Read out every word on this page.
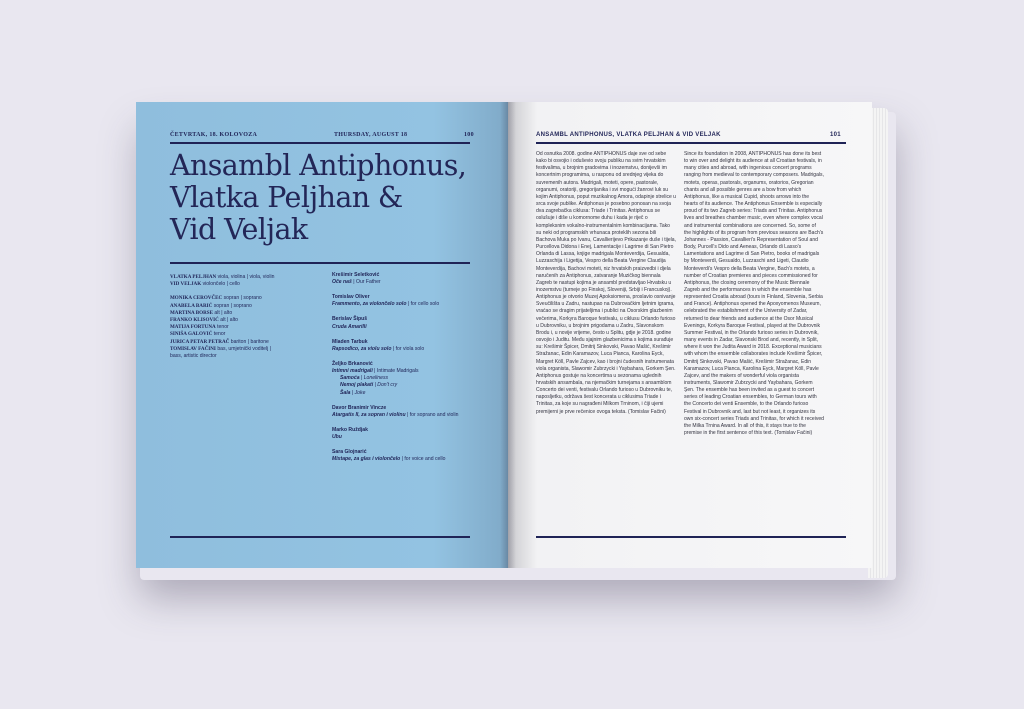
ČETVRTAK, 18. KOLOVOZA	THURSDAY, AUGUST 18	100
Ansambl Antiphonus,
Vlatka Peljhan &
Vid Veljak
VLATKA PELJHAN viola, violina | viola, violin
VID VELJAK violončelo | cello
MONIKA CEROVČEC sopran | soprano
ANABELA BARIĆ sopran | soprano
MARTINA BORSE alt | alto
FRANKO KLISOVIĆ alt | alto
MATIJA FORTUNA tenor
SINIŠA GALOVIĆ tenor
JURICA PETAR PETRAČ bariton | baritone
TOMISLAV FAČINI bas, umjetnički voditelj |
bass, artistic director
Krešimir Seletković
Oče naš | Our Father
Tomislav Oliver
Frammento, za violončelo solo | for cello solo
Berislav Šipuš
Cruda Amarilli
Mladen Tarbuk
Rapsodico, za violu solo | for viola solo
Željko Brkanović
Intimni madrigali | Intimate Madrigals
Samoća | Loneliness
Nemoj plakati | Don't cry
Šala | Joke
Davor Branimir Vincze
Atargatis II, za sopran i violinu | for soprano and violin
Marko Ruždjak
Ubu
Sara Glojnarić
Mixtape, za glas i violončelo | for voice and cello
ANSAMBL ANTIPHONUS, VLATKA PELJHAN & VID VELJAK	101

Od osnutka 2008. godine ANTIPHONUS daje sve od sebe kako bi osvojio i oduševio svoju publiku na svim hrvatskim festivalima, u brojnim gradovima i inozemstvu, donijevši im koncertnim programima, u rasponu od srednjeg vijeka do suvremenih autora. Madrigali, moteti, opere, pastorale, organumi, oratoriji, gregorijanika i svi mogući žanrovi luk su kojim Antiphonus, poput muzikalnog Amora, odapinje strelice u srca svoje publike. Antiphonus je posebno ponosan na svoja dva zagrebačka ciklusa: Triade i Trinitas. Antiphonus se oslušuje i diše u komornome duhu i kada je riječ o kompleksnim vokalno-instrumentalnim kombinacijama. Tako su neki od programskih vrhunaca proteklih sezona bili Bachova Muka po Ivanu, Cavallierijevo Prikazanje duše i tijela, Purcellova Didona i Enej, Lamentacije i Lagrime di San Pietro Orlanda di Lassa, knjige madrigala Monteverdija, Gesualda, Luzzaschija i Ligetija, Vespro della Beata Vergine Claudija Monteverdija, Bachovi moteti, niz hrvatskih praizvedbi i djela naručenih za Antiphonus, zatvaranje Muzičkog biennala Zagreb te nastupi kojima je ansambl predstavljao Hrvatsku u inozemstvu (turneje po Finskoj, Sloveniji, Srbiji i Francuskoj). Antiphonus je otvorio Muzej Apoksiomena, proslavio osnivanje Sveučilišta u Zadru, nastupao na Dubrovačkim ljetnim igrama, vraćao se dragim prijateljima i publici na Osorskim glazbenim večerima, Korkyra Baroque festivalu, u ciklusu Orlando furioso u Dubrovniku, u brojnim prigodama u Zadru, Slavonskom Brodu i, u novije vrijeme, čestо u Splitu, gdje je 2018. godine osvojio i Juditu. Među sjajnim glazbenicima s kojima surađuje su: Krešimir Špicer, Dmitrij Sinkovski, Pavao Mašić, Krešimir Stražanac, Edin Karamazov, Luca Pianca, Karolina Eyck, Margret Köll, Pavle Zajcev, kao i brojni čudesnih instrumenata viola organista, Slawomir Zubrzycki i Yaybahara, Gorkem Şen. Antiphonus gostuje na koncertima u sezonama uglednih hrvatskih ansambala, na njemačkim turnejama s ansamblom Concerto dei venti, festivalu Orlando furioso u Dubrovniku te, naposljetku, održava šest koncerata u ciklusima Triade i Trinitas, za koje su nagrađeni Milkom Trninom, i čiji ujemi premijerni je prve rečenice ovoga teksta. (Tomislav Fačini)

Since its foundation in 2008, ANTIPHONUS has done its best to win over and delight its audience at all Croatian festivals, in many cities and abroad, with ingenious concert programs ranging from medieval to contemporary composers. Madrigals, motets, operas, pastorals, organums, oratorios, Gregorian chants and all possible genres are a bow from which Antiphonus, like a musical Cupid, shoots arrows into the hearts of its audience. The Antiphonus Ensemble is especially proud of its two Zagreb series: Triads and Trinitas. Antiphonus lives and breathes chamber music, even where complex vocal and instrumental combinations are concerned. So, some of the highlights of its program from previous seasons are Bach's Johannes - Passion, Cavallieri's Representation of Soul and Body, Purcell's Dido and Aeneas, Orlando di Lasso's Lamentations and Lagrime di San Pietro, books of madrigals by Monteverdi, Gesualdo, Luzzaschi and Ligeti, Claudio Monteverdi's Vespro della Beata Vergine, Bach's motets, a number of Croatian premieres and pieces commissioned for Antiphonus, the closing ceremony of the Music Biennale Zagreb and the performances in which the ensemble has represented Croatia abroad (tours in Finland, Slovenia, Serbia and France). Antiphonus opened the Apoxyomenos Museum, celebrated the establishment of the University of Zadar, returned to dear friends and audience at the Osor Musical Evenings, Korkyra Baroque Festival, played at the Dubrovnik Summer Festival, in the Orlando furioso series in Dubrovnik, many events in Zadar, Slavonski Brod and, recently, in Split, where it won the Judita Award in 2018. Exceptional musicians with whom the ensemble collaborates include Krešimir Špicer, Dmitrij Sinkovski, Pavao Mašić, Krešimir Stražanac, Edin Karamazov, Luca Pianca, Karolina Eyck, Margret Köll, Pavle Zajcev, and the makers of wonderful viola organista instruments, Slawomir Zubrzycki and Yaybahara, Gorkem Şen. The ensemble has been invited as a guest to concert series of leading Croatian ensembles, to German tours with the Concerto dei venti Ensemble, to the Orlando furioso Festival in Dubrovnik and, last but not least, it organizes its own six-concert series Triads and Trinitas, for which it received the Milka Trnina Award. In all of this, it stays true to the premise in the first sentence of this text. (Tomislav Fačini)
